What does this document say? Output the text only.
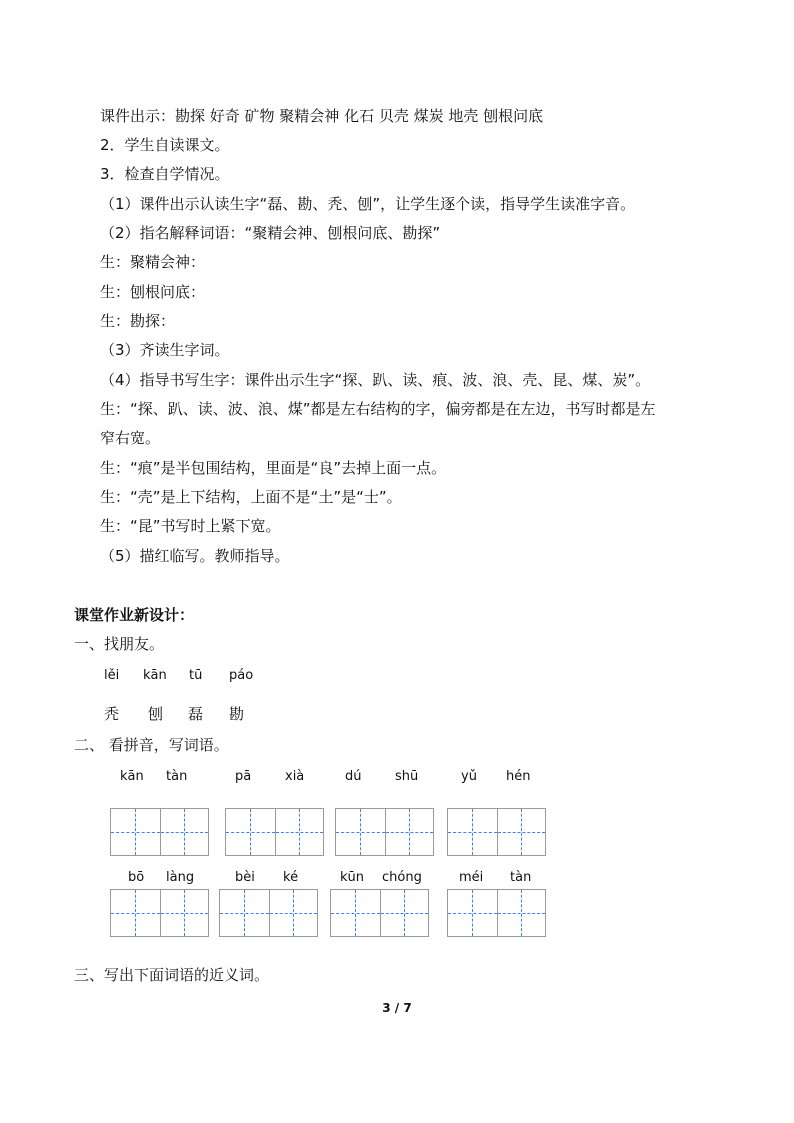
课件出示：勘探 好奇 矿物 聚精会神 化石 贝壳 煤炭 地壳 刨根问底
2．学生自读课文。
3．检查自学情况。
（1）课件出示认读生字“磊、勘、秃、刨”，让学生逐个读，指导学生读准字音。
（2）指名解释词语：“聚精会神、刨根问底、勘探”
生：聚精会神：
生：刨根问底：
生：勘探：
（3）齐读生字词。
（4）指导书写生字：课件出示生字“探、趴、读、痕、波、浪、壳、昆、煤、炭”。
生：“探、趴、读、波、浪、煤”都是左右结构的字，偏旁都是在左边，书写时都是左
窄右宽。
生：“痕”是半包围结构，里面是“良”去掉上面一点。
生：“壳”是上下结构，上面不是“土”是“士”。
生：“昆”书写时上紧下宽。
（5）描红临写。教师指导。
课堂作业新设计：
一、找朋友。
lěi kān tū páo
秃 刨 磊 勘
二、 看拼音，写词语。
kān tàn	pā	xià	dú	shū	yǔ hén
bō làng	bèi ké	kūn chóng	méi tàn
三、写出下面词语的近义词。
3 / 7
